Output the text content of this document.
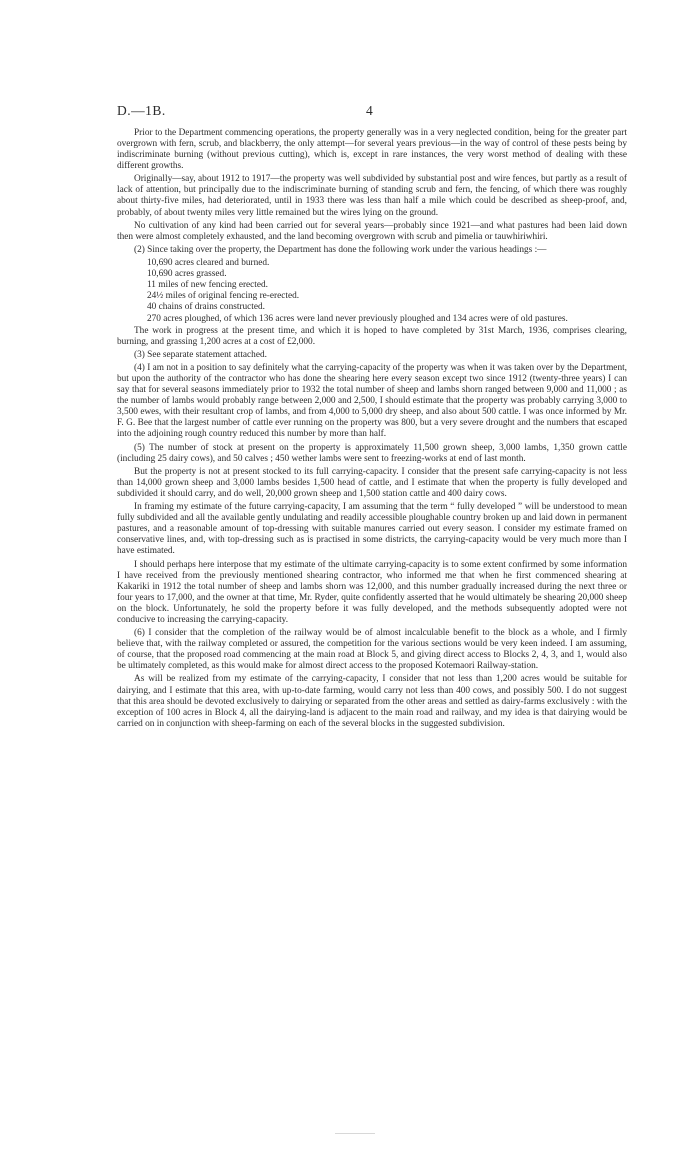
D.—1B.	4

Prior to the Department commencing operations, the property generally was in a very neglected condition, being for the greater part overgrown with fern, scrub, and blackberry, the only attempt—for several years previous—in the way of control of these pests being by indiscriminate burning (without previous cutting), which is, except in rare instances, the very worst method of dealing with these different growths.

Originally—say, about 1912 to 1917—the property was well subdivided by substantial post and wire fences, but partly as a result of lack of attention, but principally due to the indiscriminate burning of standing scrub and fern, the fencing, of which there was roughly about thirty-five miles, had deteriorated, until in 1933 there was less than half a mile which could be described as sheep-proof, and, probably, of about twenty miles very little remained but the wires lying on the ground.

No cultivation of any kind had been carried out for several years—probably since 1921—and what pastures had been laid down then were almost completely exhausted, and the land becoming overgrown with scrub and pimelia or tauwhiriwhiri.

(2) Since taking over the property, the Department has done the following work under the various headings :—

10,690 acres cleared and burned.
10,690 acres grassed.
11 miles of new fencing erected.
24½ miles of original fencing re-erected.
40 chains of drains constructed.
270 acres ploughed, of which 136 acres were land never previously ploughed and 134 acres were of old pastures.

The work in progress at the present time, and which it is hoped to have completed by 31st March, 1936, comprises clearing, burning, and grassing 1,200 acres at a cost of £2,000.

(3) See separate statement attached.

(4) I am not in a position to say definitely what the carrying-capacity of the property was when it was taken over by the Department, but upon the authority of the contractor who has done the shearing here every season except two since 1912 (twenty-three years) I can say that for several seasons immediately prior to 1932 the total number of sheep and lambs shorn ranged between 9,000 and 11,000 ; as the number of lambs would probably range between 2,000 and 2,500, I should estimate that the property was probably carrying 3,000 to 3,500 ewes, with their resultant crop of lambs, and from 4,000 to 5,000 dry sheep, and also about 500 cattle. I was once informed by Mr. F. G. Bee that the largest number of cattle ever running on the property was 800, but a very severe drought and the numbers that escaped into the adjoining rough country reduced this number by more than half.

(5) The number of stock at present on the property is approximately 11,500 grown sheep, 3,000 lambs, 1,350 grown cattle (including 25 dairy cows), and 50 calves ; 450 wether lambs were sent to freezing-works at end of last month.

But the property is not at present stocked to its full carrying-capacity. I consider that the present safe carrying-capacity is not less than 14,000 grown sheep and 3,000 lambs besides 1,500 head of cattle, and I estimate that when the property is fully developed and subdivided it should carry, and do well, 20,000 grown sheep and 1,500 station cattle and 400 dairy cows.

In framing my estimate of the future carrying-capacity, I am assuming that the term “ fully developed ” will be understood to mean fully subdivided and all the available gently undulating and readily accessible ploughable country broken up and laid down in permanent pastures, and a reasonable amount of top-dressing with suitable manures carried out every season. I consider my estimate framed on conservative lines, and, with top-dressing such as is practised in some districts, the carrying-capacity would be very much more than I have estimated.

I should perhaps here interpose that my estimate of the ultimate carrying-capacity is to some extent confirmed by some information I have received from the previously mentioned shearing contractor, who informed me that when he first commenced shearing at Kakariki in 1912 the total number of sheep and lambs shorn was 12,000, and this number gradually increased during the next three or four years to 17,000, and the owner at that time, Mr. Ryder, quite confidently asserted that he would ultimately be shearing 20,000 sheep on the block. Unfortunately, he sold the property before it was fully developed, and the methods subsequently adopted were not conducive to increasing the carrying-capacity.

(6) I consider that the completion of the railway would be of almost incalculable benefit to the block as a whole, and I firmly believe that, with the railway completed or assured, the competition for the various sections would be very keen indeed. I am assuming, of course, that the proposed road commencing at the main road at Block 5, and giving direct access to Blocks 2, 4, 3, and 1, would also be ultimately completed, as this would make for almost direct access to the proposed Kotemaori Railway-station.

As will be realized from my estimate of the carrying-capacity, I consider that not less than 1,200 acres would be suitable for dairying, and I estimate that this area, with up-to-date farming, would carry not less than 400 cows, and possibly 500. I do not suggest that this area should be devoted exclusively to dairying or separated from the other areas and settled as dairy-farms exclusively : with the exception of 100 acres in Block 4, all the dairying-land is adjacent to the main road and railway, and my idea is that dairying would be carried on in conjunction with sheep-farming on each of the several blocks in the suggested subdivision.
